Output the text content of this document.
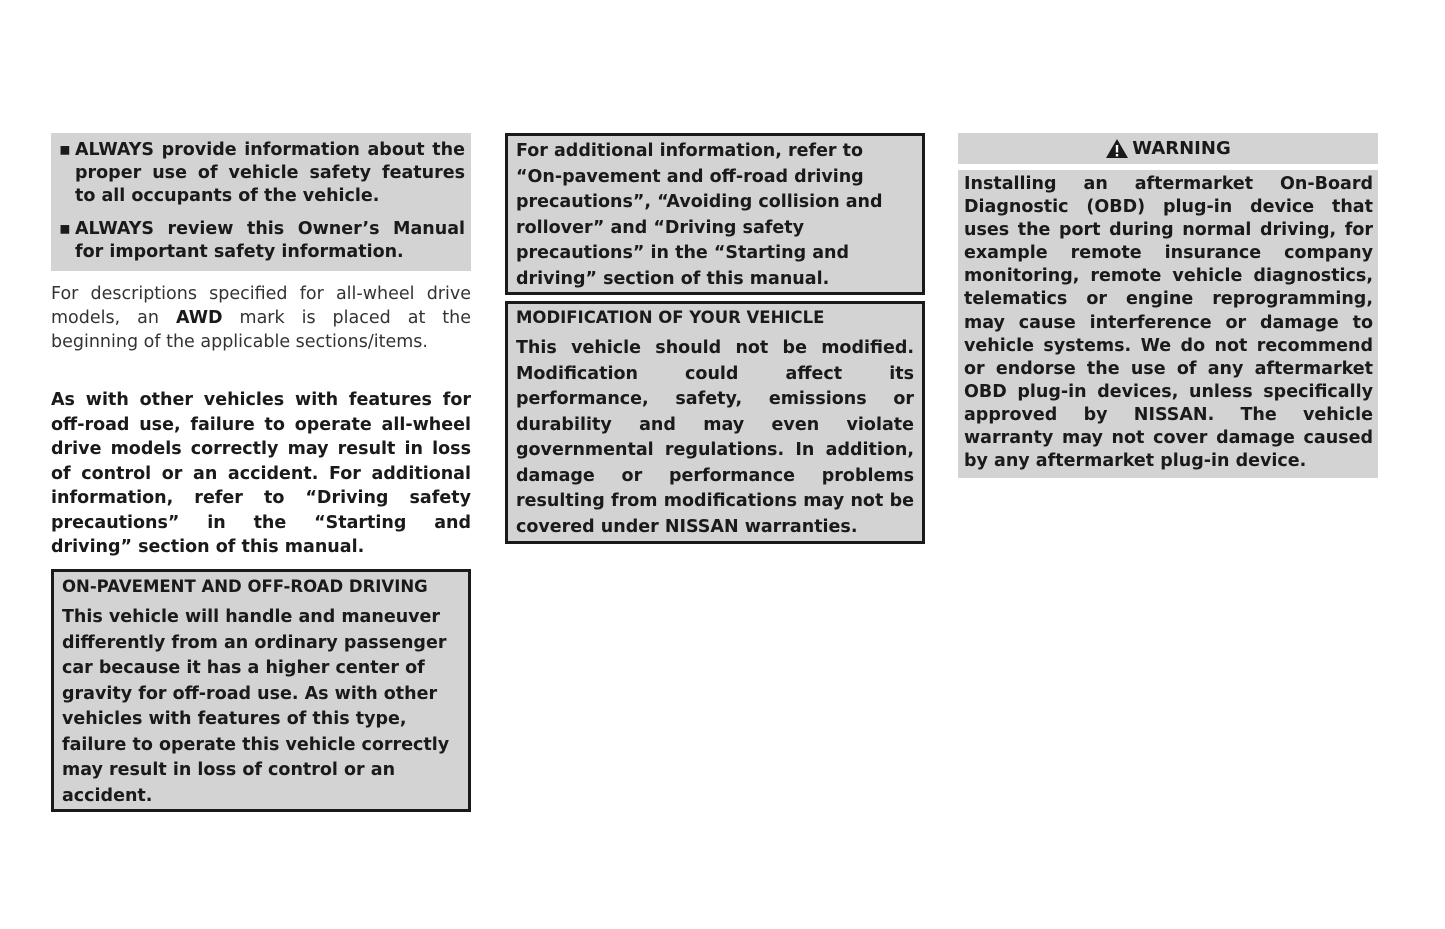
▪ ALWAYS provide information about the proper use of vehicle safety features to all occupants of the vehicle.
▪ ALWAYS review this Owner’s Manual for important safety information.
For descriptions specified for all-wheel drive models, an AWD mark is placed at the beginning of the applicable sections/items.
As with other vehicles with features for off-road use, failure to operate all-wheel drive models correctly may result in loss of control or an accident. For additional information, refer to “Driving safety precautions” in the “Starting and driving” section of this manual.
ON-PAVEMENT AND OFF-ROAD DRIVING
This vehicle will handle and maneuver differently from an ordinary passenger car because it has a higher center of gravity for off-road use. As with other vehicles with features of this type, failure to operate this vehicle correctly may result in loss of control or an accident.
For additional information, refer to “On-pavement and off-road driving precautions”, “Avoiding collision and rollover” and “Driving safety precautions” in the “Starting and driving” section of this manual.
MODIFICATION OF YOUR VEHICLE
This vehicle should not be modified. Modification could affect its performance, safety, emissions or durability and may even violate governmental regulations. In addition, damage or performance problems resulting from modifications may not be covered under NISSAN warranties.
WARNING
Installing an aftermarket On-Board Diagnostic (OBD) plug-in device that uses the port during normal driving, for example remote insurance company monitoring, remote vehicle diagnostics, telematics or engine reprogramming, may cause interference or damage to vehicle systems. We do not recommend or endorse the use of any aftermarket OBD plug-in devices, unless specifically approved by NISSAN. The vehicle warranty may not cover damage caused by any aftermarket plug-in device.
